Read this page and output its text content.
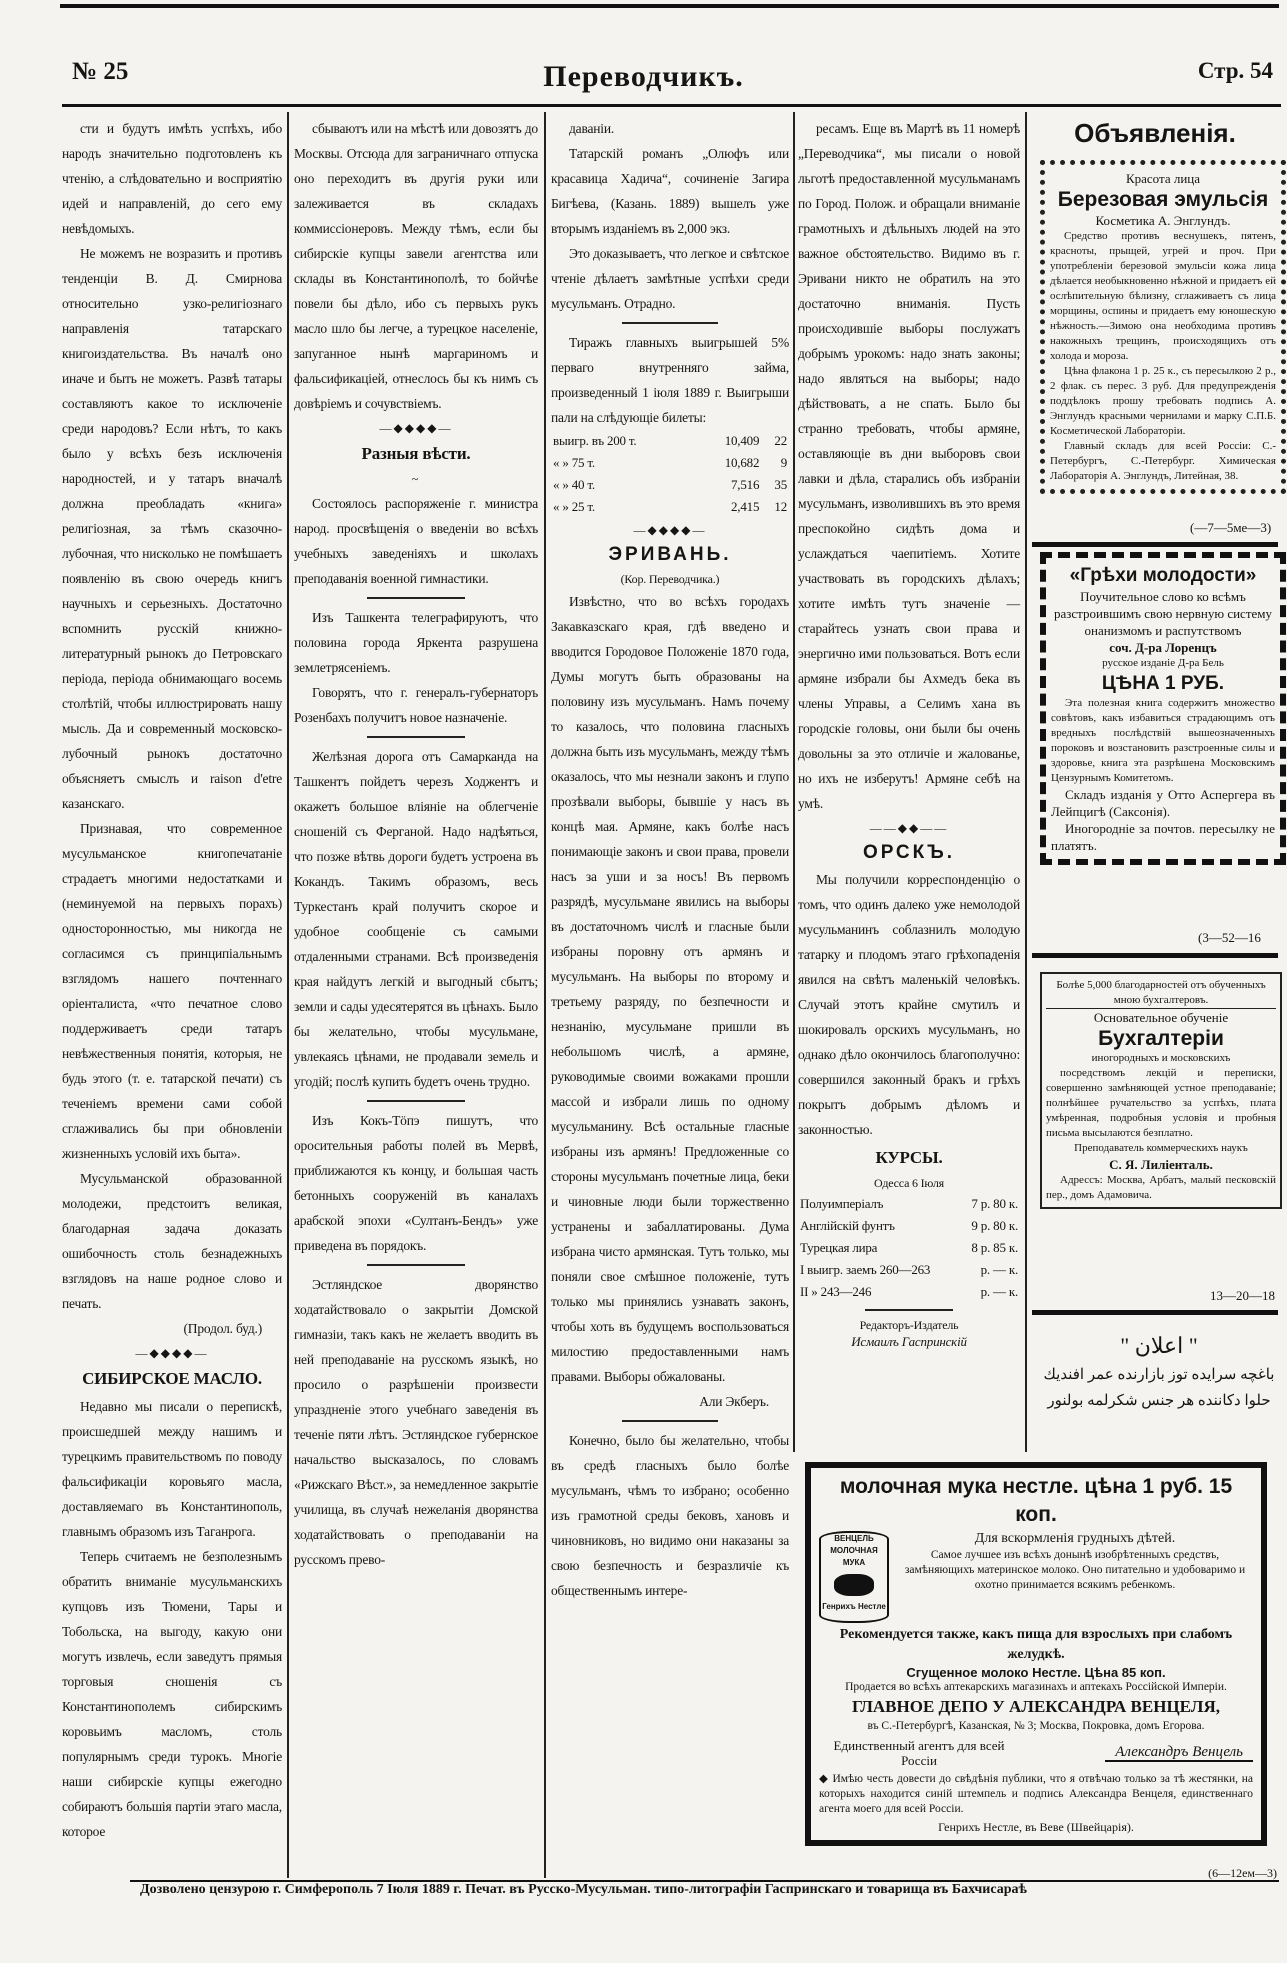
№ 25	Переводчикъ.	Стр. 54

сти и будутъ имѣть успѣхъ, ибо народъ значительно подготовленъ къ чтенію, а слѣдовательно и восприятію идей и направленій, до сего ему невѣдомыхъ.

Не можемъ не возразить и противъ тенденціи В. Д. Смирнова относительно узко-религіознаго направленія татарскаго книгоиздательства. Въ началѣ оно иначе и быть не можетъ. Развѣ татары составляютъ какое то исключеніе среди народовъ? Если нѣтъ, то какъ было у всѣхъ безъ исключенія народностей, и у татаръ вначалѣ должна преобладать «книга» религіозная, за тѣмъ сказочно-лубочная, что нисколько не помѣшаетъ появленію въ свою очередь книгъ научныхъ и серьезныхъ. Достаточно вспомнить русскій книжно-литературный рынокъ до Петровскаго періода, періода обнимающаго восемь столѣтій, чтобы иллюстрировать нашу мысль. Да и современный московско-лубочный рынокъ достаточно объясняетъ смыслъ и raison d'etre казанскаго.

Признавая, что современное мусульманское книгопечатаніе страдаетъ многими недостатками и (неминуемой на первыхъ порахъ) односторонностью, мы никогда не согласимся съ принципіальнымъ взглядомъ нашего почтеннаго оріенталиста, «что печатное слово поддерживаетъ среди татаръ невѣжественныя понятія, которыя, не будь этого (т. е. татарской печати) съ теченіемъ времени сами собой сглаживались бы при обновленіи жизненныхъ условій ихъ быта».

Мусульманской образованной молодежи, предстоитъ великая, благодарная задача доказать ошибочность столь безнадежныхъ взглядовъ на наше родное слово и печать.

(Продол. буд.)
—◆◆◆◆—
СИБИРСКОЕ МАСЛО.

Недавно мы писали о перепискѣ, происшедшей между нашимъ и турецкимъ правительствомъ по поводу фальсификаціи коровьяго масла, доставляемаго въ Константинополь, главнымъ образомъ изъ Таганрога.

Теперь считаемъ не безполезнымъ обратить вниманіе мусульманскихъ купцовъ изъ Тюмени, Тары и Тобольска, на выгоду, какую они могутъ извлечь, если заведутъ прямыя торговыя сношенія съ Константинополемъ сибирскимъ коровьимъ масломъ, столь популярнымъ среди турокъ. Многіе наши сибирскіе купцы ежегодно собираютъ большія партіи этаго масла, которое

сбываютъ или на мѣстѣ или довозятъ до Москвы. Отсюда для заграничнаго отпуска оно переходитъ въ другія руки или залеживается въ складахъ коммиссіонеровъ. Между тѣмъ, если бы сибирскіе купцы завели агентства или склады въ Константинополѣ, то бойчѣе повели бы дѣло, ибо съ первыхъ рукъ масло шло бы легче, а турецкое населеніе, запуганное нынѣ маргариномъ и фальсификаціей, отнеслось бы къ нимъ съ довѣріемъ и сочувствіемъ.

—◆◆◆◆—
Разныя вѣсти.
~

Состоялось распоряженіе г. министра народ. просвѣщенія о введеніи во всѣхъ учебныхъ заведеніяхъ и школахъ преподаванія военной гимнастики.

Изъ Ташкента телеграфируютъ, что половина города Яркента разрушена землетрясеніемъ.

Говорятъ, что г. генералъ-губернаторъ Розенбахъ получитъ новое назначеніе.

Желѣзная дорога отъ Самарканда на Ташкентъ пойдетъ черезъ Ходжентъ и окажетъ большое вліяніе на облегченіе сношеній съ Ферганой. Надо надѣяться, что позже вѣтвь дороги будетъ устроена въ Кокандъ. Такимъ образомъ, весь Туркестанъ край получитъ скорое и удобное сообщеніе съ самыми отдаленными странами. Всѣ произведенія края найдутъ легкій и выгодный сбытъ; земли и сады удесятерятся въ цѣнахъ. Было бы желательно, чтобы мусульмане, увлекаясь цѣнами, не продавали земель и угодій; послѣ купить будетъ очень трудно.

Изъ Кокъ-Тöпэ пишутъ, что оросительныя работы полей въ Мервѣ, приближаются къ концу, и большая часть бетонныхъ сооруженій въ каналахъ арабской эпохи «Султанъ-Бендъ» уже приведена въ порядокъ.

Эстляндское дворянство ходатайствовало о закрытіи Домской гимназіи, такъ какъ не желаетъ вводить въ ней преподаваніе на русскомъ языкѣ, но просило о разрѣшеніи произвести упраздненіе этого учебнаго заведенія въ теченіе пяти лѣтъ. Эстляндское губернское начальство высказалось, по словамъ «Рижскаго Вѣст.», за немедленное закрытіе училища, въ случаѣ нежеланія дворянства ходатайствовать о преподаваніи на русскомъ прево-

даваніи.

Татарскій романъ „Олюфъ или красавица Хадича“, сочиненіе Загира Бигѣева, (Казань. 1889) вышелъ уже вторымъ изданіемъ въ 2,000 экз.

Это доказываетъ, что легкое и свѣтское чтеніе дѣлаетъ замѣтные успѣхи среди мусульманъ. Отрадно.

Тиражъ главныхъ выигрышей 5% перваго внутренняго займа, произведенный 1 іюля 1889 г. Выигрыши пали на слѣдующіе билеты:

выигр. въ 200 т.	10,409	22
« » 75 т.	10,682	9
« » 40 т.	7,516	35
« » 25 т.	2,415	12
—◆◆◆◆—
ЭРИВАНЬ.
(Кор. Переводчика.)

Извѣстно, что во всѣхъ городахъ Закавказскаго края, гдѣ введено и вводится Городовое Положеніе 1870 года, Думы могутъ быть образованы на половину изъ мусульманъ. Намъ почему то казалось, что половина гласныхъ должна быть изъ мусульманъ, между тѣмъ оказалось, что мы незнали законъ и глупо прозѣвали выборы, бывшіе у насъ въ концѣ мая. Армяне, какъ болѣе насъ понимающіе законъ и свои права, провели насъ за уши и за носъ! Въ первомъ разрядѣ, мусульмане явились на выборы въ достаточномъ числѣ и гласные были избраны поровну отъ армянъ и мусульманъ. На выборы по второму и третьему разряду, по безпечности и незнанію, мусульмане пришли въ небольшомъ числѣ, а армяне, руководимые своими вожаками прошли массой и избрали лишь по одному мусульманину. Всѣ остальные гласные избраны изъ армянъ! Предложенные со стороны мусульманъ почетные лица, беки и чиновные люди были торжественно устранены и забаллатированы. Дума избрана чисто армянская. Тутъ только, мы поняли свое смѣшное положеніе, тутъ только мы принялись узнавать законъ, чтобы хоть въ будущемъ воспользоваться милостию предоставленными намъ правами. Выборы обжалованы.

Али Экберъ.

Конечно, было бы желательно, чтобы въ средѣ гласныхъ было болѣе мусульманъ, чѣмъ то избрано; особенно изъ грамотной среды бековъ, хановъ и чиновниковъ, но видимо они наказаны за свою безпечность и безразличіе къ общественнымъ интере-

ресамъ. Еще въ Мартѣ въ 11 номерѣ „Переводчика“, мы писали о новой льготѣ предоставленной мусульманамъ по Город. Полож. и обращали вниманіе грамотныхъ и дѣльныхъ людей на это важное обстоятельство. Видимо въ г. Эривани никто не обратилъ на это достаточно вниманія. Пусть происходившіе выборы послужатъ добрымъ урокомъ: надо знать законы; надо являться на выборы; надо дѣйствовать, а не спать. Было бы странно требовать, чтобы армяне, оставляющіе въ дни выборовъ свои лавки и дѣла, старались объ избраніи мусульманъ, изволившихъ въ это время преспокойно сидѣть дома и услаждаться чаепитіемъ. Хотите участвовать въ городскихъ дѣлахъ; хотите имѣть тутъ значеніе — старайтесь узнать свои права и энергично ими пользоваться. Вотъ если армяне избрали бы Ахмедъ бека въ члены Управы, а Селимъ хана въ городскіе головы, они были бы очень довольны за это отличіе и жалованье, но ихъ не изберутъ! Армяне себѣ на умѣ.

——◆◆——
ОРСКЪ.

Мы получили корреспонденцію о томъ, что одинъ далеко уже немолодой мусульманинъ соблазнилъ молодую татарку и плодомъ этаго грѣхопаденія явился на свѣтъ маленькій человѣкъ. Случай этотъ крайне смутилъ и шокировалъ орскихъ мусульманъ, но однако дѣло окончилось благополучно: совершился законный бракъ и грѣхъ покрытъ добрымъ дѣломъ и законностью.

КУРСЫ.
Одесса 6 Іюля
Полуимперіалъ	7 р. 80 к.
Англійскій фунтъ	9 р. 80 к.
Турецкая лира	8 р. 85 к.
I выигр. заемъ 260—263	р. — к.
II » 243—246	р. — к.
Редакторъ-Издатель
Исмаилъ Гаспринскій
Объявленія.
Красота лица
Березовая эмульсія
Косметика А. Энглундъ.

Средство противъ веснушекъ, пятенъ, красноты, прыщей, угрей и проч. При употребленіи березовой эмульсіи кожа лица дѣлается необыкновенно нѣжной и придаетъ ей ослѣпительную бѣлизну, сглаживаетъ съ лица морщины, оспины и придаетъ ему юношескую нѣжность.—Зимою она необходима противъ накожныхъ трещинъ, происходящихъ отъ холода и мороза.

Цѣна флакона 1 р. 25 к., съ пересылкою 2 р., 2 флак. съ перес. 3 руб. Для предупрежденія поддѣлокъ прошу требовать подпись А. Энглундъ красными чернилами и марку С.П.Б. Косметической Лабораторіи.

Главный складъ для всей Россіи: С.-Петербургъ, С.-Петербург. Химическая Лабораторія А. Энглундъ, Литейная, 38.

(—7—5ме—3)
«Грѣхи молодости»
Поучительное слово ко всѣмъ разстроившимъ свою нервную систему онанизмомъ и распутствомъ
соч. Д-ра Лоренцъ
русское изданіе Д-ра Бель
ЦѢНА 1 РУБ.

Эта полезная книга содержитъ множество совѣтовъ, какъ избавиться страдающимъ отъ вредныхъ послѣдствій вышеозначенныхъ пороковъ и возстановить разстроенные силы и здоровье, книга эта разрѣшена Московскимъ Цензурнымъ Комитетомъ.

Складъ изданія у Отто Аспергера въ Лейпцигѣ (Саксонія).

Иногородніе за почтов. пересылку не платятъ.

(3—52—16
Болѣе 5,000 благодарностей отъ обученныхъ мною бухгалтеровъ.
Основательное обученіе
Бухгалтеріи
иногородныхъ и московскихъ

посредствомъ лекцій и переписки, совершенно замѣняющей устное преподаваніе; полнѣйшее ручательство за успѣхъ, плата умѣренная, подробныя условія и пробныя письма высылаются безплатно.

Преподаватель коммерческихъ наукъ
С. Я. Лиліенталь.

Адрессъ: Москва, Арбатъ, малый песковскій пер., домъ Адамовича.

13—20—18
" اعلان "
باغچه سرايده توز بازارنده عمر افنديك
حلوا دكاننده هر جنس شكرلمه بولنور
молочная мука нестле. цѣна 1 руб. 15 коп.
ВЕНЦЕЛЬ
МОЛОЧНАЯ МУКА
Генрихъ Нестле
Для вскормленія грудныхъ дѣтей.
Самое лучшее изъ всѣхъ донынѣ изобрѣтенныхъ средствъ, замѣняющихъ материнское молоко. Оно питательно и удобоваримо и охотно принимается всякимъ ребенкомъ.
Рекомендуется также, какъ пища для взрослыхъ при слабомъ желудкѣ.
Сгущенное молоко Нестле. Цѣна 85 коп.
Продается во всѣхъ аптекарскихъ магазинахъ и аптекахъ Россійской Имперіи.
ГЛАВНОЕ ДЕПО У АЛЕКСАНДРА ВЕНЦЕЛЯ,
въ С.-Петербургѣ, Казанская, № 3; Москва, Покровка, домъ Егорова.
Единственный агентъ для всей Россіи
Александръ Венцель
◆ Имѣю честь довести до свѣдѣнія публики, что я отвѣчаю только за тѣ жестянки, на которыхъ находится синій штемпель и подпись Александра Венцеля, единственнаго агента моего для всей Россіи.
Генрихъ Нестле, въ Веве (Швейцарія).
(6—12ем—3)
Дозволено цензурою г. Симферополь 7 Іюля 1889 г. Печат. въ Русско-Мусульман. типо-литографіи Гаспринскаго и товарища въ Бахчисараѣ
